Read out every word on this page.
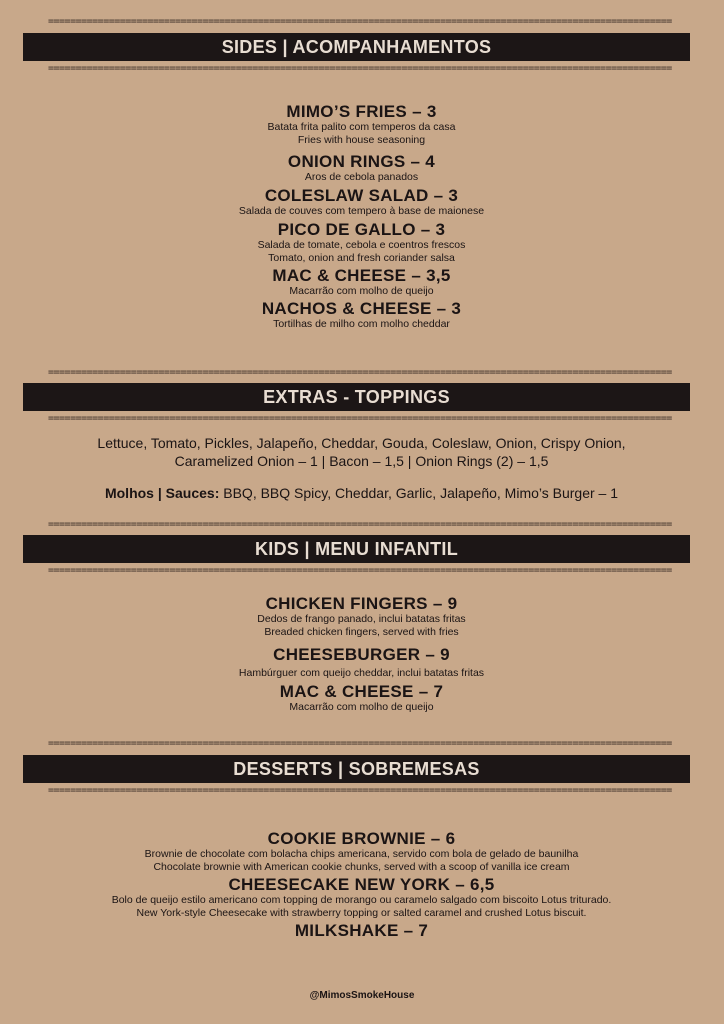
=================================================================================================================
SIDES | ACOMPANHAMENTOS
=================================================================================================================
MIMO’S FRIES – 3
Batata frita palito com temperos da casa
Fries with house seasoning
ONION RINGS – 4
Aros de cebola panados
COLESLAW SALAD – 3
Salada de couves com tempero à base de maionese
PICO DE GALLO – 3
Salada de tomate, cebola e coentros frescos
Tomato, onion and fresh coriander salsa
MAC & CHEESE – 3,5
Macarrão com molho de queijo
NACHOS & CHEESE – 3
Tortilhas de milho com molho cheddar
=================================================================================================================
EXTRAS - TOPPINGS
=================================================================================================================
Lettuce, Tomato, Pickles, Jalapeño, Cheddar, Gouda, Coleslaw, Onion, Crispy Onion,
Caramelized Onion – 1 | Bacon – 1,5 | Onion Rings (2) – 1,5
Molhos | Sauces: BBQ, BBQ Spicy, Cheddar, Garlic, Jalapeño, Mimo’s Burger – 1
=================================================================================================================
KIDS | MENU INFANTIL
=================================================================================================================
CHICKEN FINGERS – 9
Dedos de frango panado, inclui batatas fritas
Breaded chicken fingers, served with fries
CHEESEBURGER – 9
Hambúrguer com queijo cheddar, inclui batatas fritas
MAC & CHEESE – 7
Macarrão com molho de queijo
=================================================================================================================
DESSERTS | SOBREMESAS
=================================================================================================================
COOKIE BROWNIE – 6
Brownie de chocolate com bolacha chips americana, servido com bola de gelado de baunilha
Chocolate brownie with American cookie chunks, served with a scoop of vanilla ice cream
CHEESECAKE NEW YORK – 6,5
Bolo de queijo estilo americano com topping de morango ou caramelo salgado com biscoito Lotus triturado.
New York-style Cheesecake with strawberry topping or salted caramel and crushed Lotus biscuit.
MILKSHAKE – 7
@MimosSmokeHouse
